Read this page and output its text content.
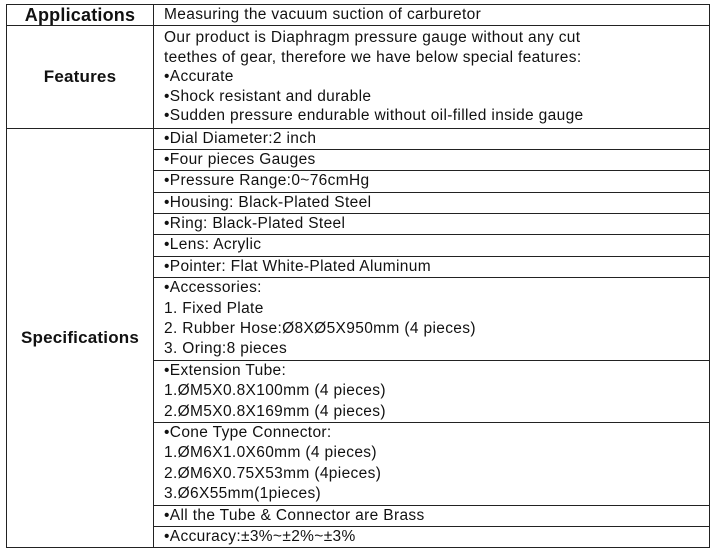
Applications	Measuring the vacuum suction of carburetor
Features	Our product is Diaphragm pressure gauge without any cut
teethes of gear, therefore we have below special features:
•Accurate
•Shock resistant and durable
•Sudden pressure endurable without oil-filled inside gauge

Specifications	•Dial Diameter:2 inch

	•Four pieces Gauges

	•Pressure Range:0~76cmHg

	•Housing: Black-Plated Steel

	•Ring: Black-Plated Steel

	•Lens: Acrylic

	•Pointer: Flat White-Plated Aluminum

	•Accessories:
1. Fixed Plate
2. Rubber Hose:Ø8XØ5X950mm (4 pieces)
3. Oring:8 pieces

	•Extension Tube:
1.ØM5X0.8X100mm (4 pieces)
2.ØM5X0.8X169mm (4 pieces)

	•Cone Type Connector:
1.ØM6X1.0X60mm (4 pieces)
2.ØM6X0.75X53mm (4pieces)
3.Ø6X55mm(1pieces)

	•All the Tube & Connector are Brass

	•Accuracy:±3%~±2%~±3%
